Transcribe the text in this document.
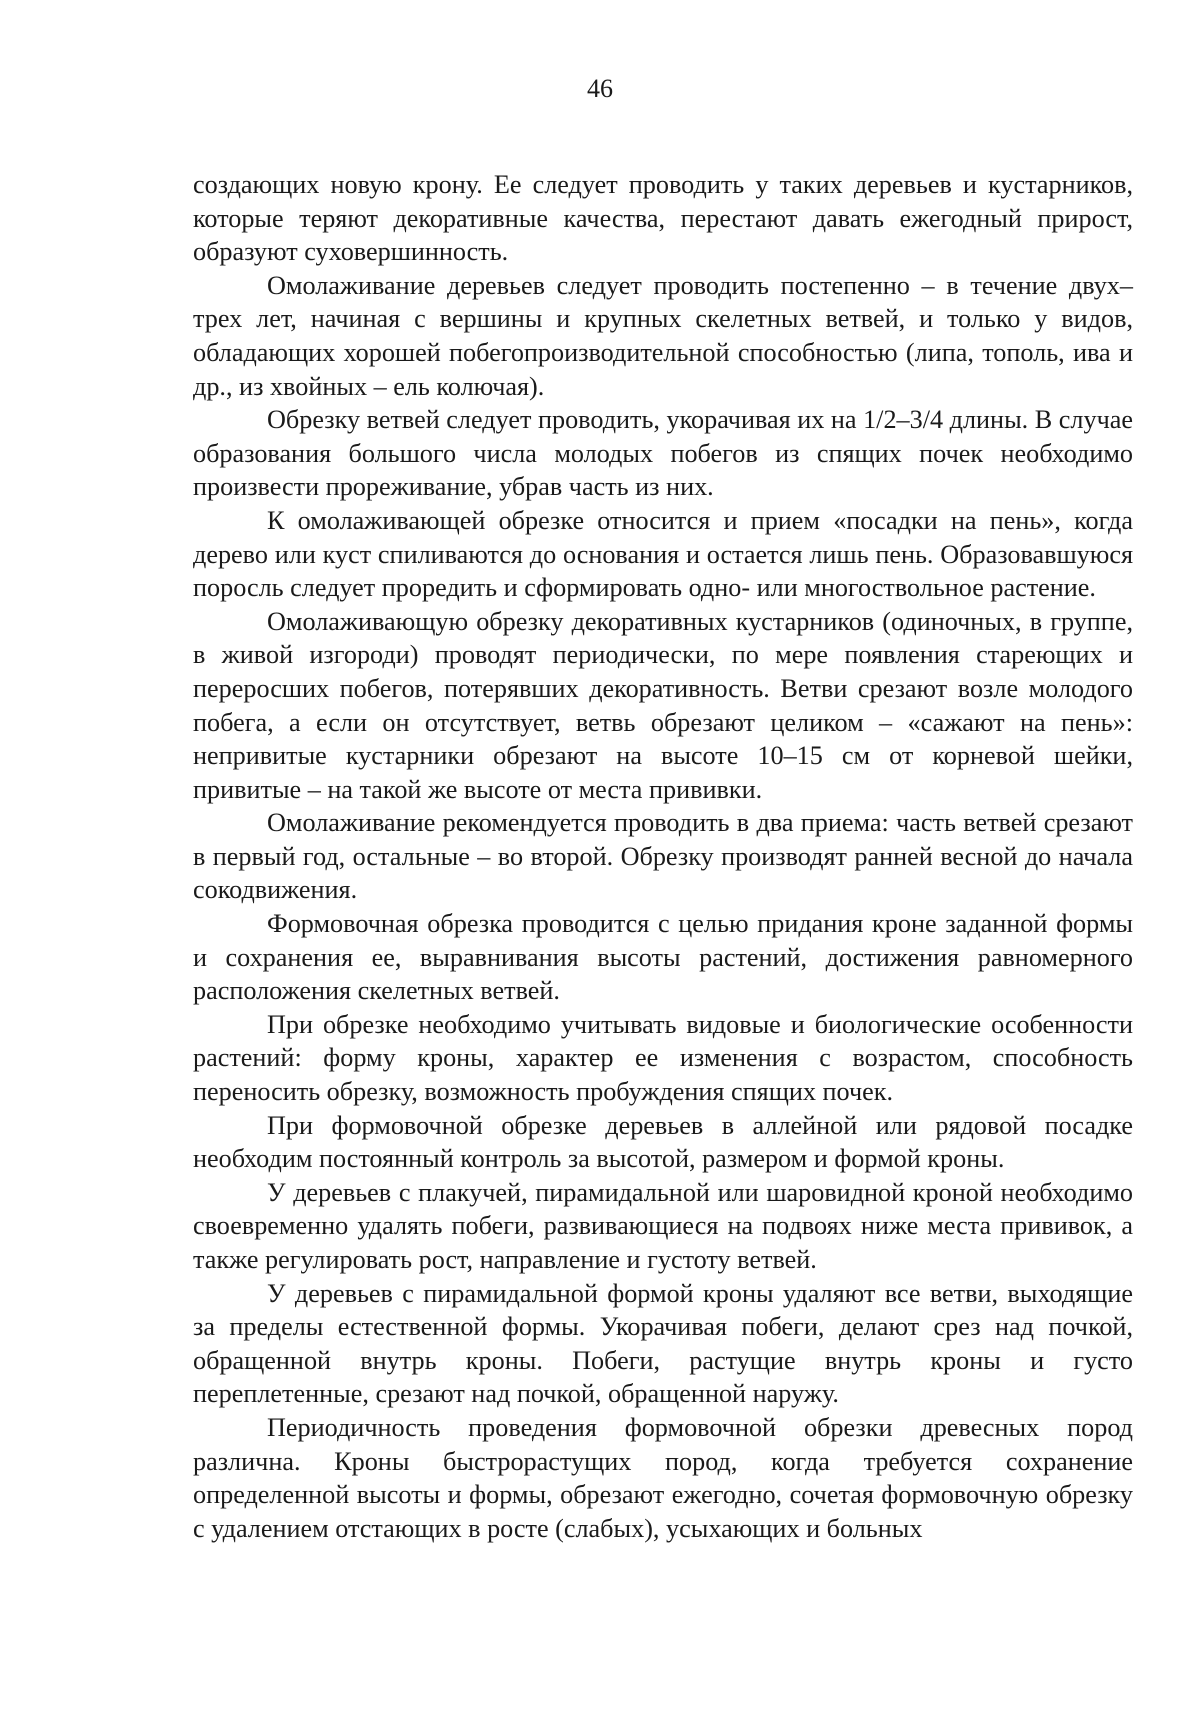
46

создающих новую крону. Ее следует проводить у таких деревьев и кустарников, которые теряют декоративные качества, перестают давать ежегодный прирост, образуют суховершинность.

Омолаживание деревьев следует проводить постепенно – в течение двух–трех лет, начиная с вершины и крупных скелетных ветвей, и только у видов, обладающих хорошей побегопроизводительной способностью (липа, тополь, ива и др., из хвойных – ель колючая).

Обрезку ветвей следует проводить, укорачивая их на 1/2–3/4 длины. В случае образования большого числа молодых побегов из спящих почек необходимо произвести прореживание, убрав часть из них.

К омолаживающей обрезке относится и прием «посадки на пень», когда дерево или куст спиливаются до основания и остается лишь пень. Образовавшуюся поросль следует проредить и сформировать одно- или многоствольное растение.

Омолаживающую обрезку декоративных кустарников (одиночных, в группе, в живой изгороди) проводят периодически, по мере появления стареющих и переросших побегов, потерявших декоративность. Ветви срезают возле молодого побега, а если он отсутствует, ветвь обрезают целиком – «сажают на пень»: непривитые кустарники обрезают на высоте 10–15 см от корневой шейки, привитые – на такой же высоте от места прививки.

Омолаживание рекомендуется проводить в два приема: часть ветвей срезают в первый год, остальные – во второй. Обрезку производят ранней весной до начала сокодвижения.

Формовочная обрезка проводится с целью придания кроне заданной формы и сохранения ее, выравнивания высоты растений, достижения равномерного расположения скелетных ветвей.

При обрезке необходимо учитывать видовые и биологические особенности растений: форму кроны, характер ее изменения с возрастом, способность переносить обрезку, возможность пробуждения спящих почек.

При формовочной обрезке деревьев в аллейной или рядовой посадке необходим постоянный контроль за высотой, размером и формой кроны.

У деревьев с плакучей, пирамидальной или шаровидной кроной необходимо своевременно удалять побеги, развивающиеся на подвоях ниже места прививок, а также регулировать рост, направление и густоту ветвей.

У деревьев с пирамидальной формой кроны удаляют все ветви, выходящие за пределы естественной формы. Укорачивая побеги, делают срез над почкой, обращенной внутрь кроны. Побеги, растущие внутрь кроны и густо переплетенные, срезают над почкой, обращенной наружу.

Периодичность проведения формовочной обрезки древесных пород различна. Кроны быстрорастущих пород, когда требуется сохранение определенной высоты и формы, обрезают ежегодно, сочетая формовочную обрезку с удалением отстающих в росте (слабых), усыхающих и больных
